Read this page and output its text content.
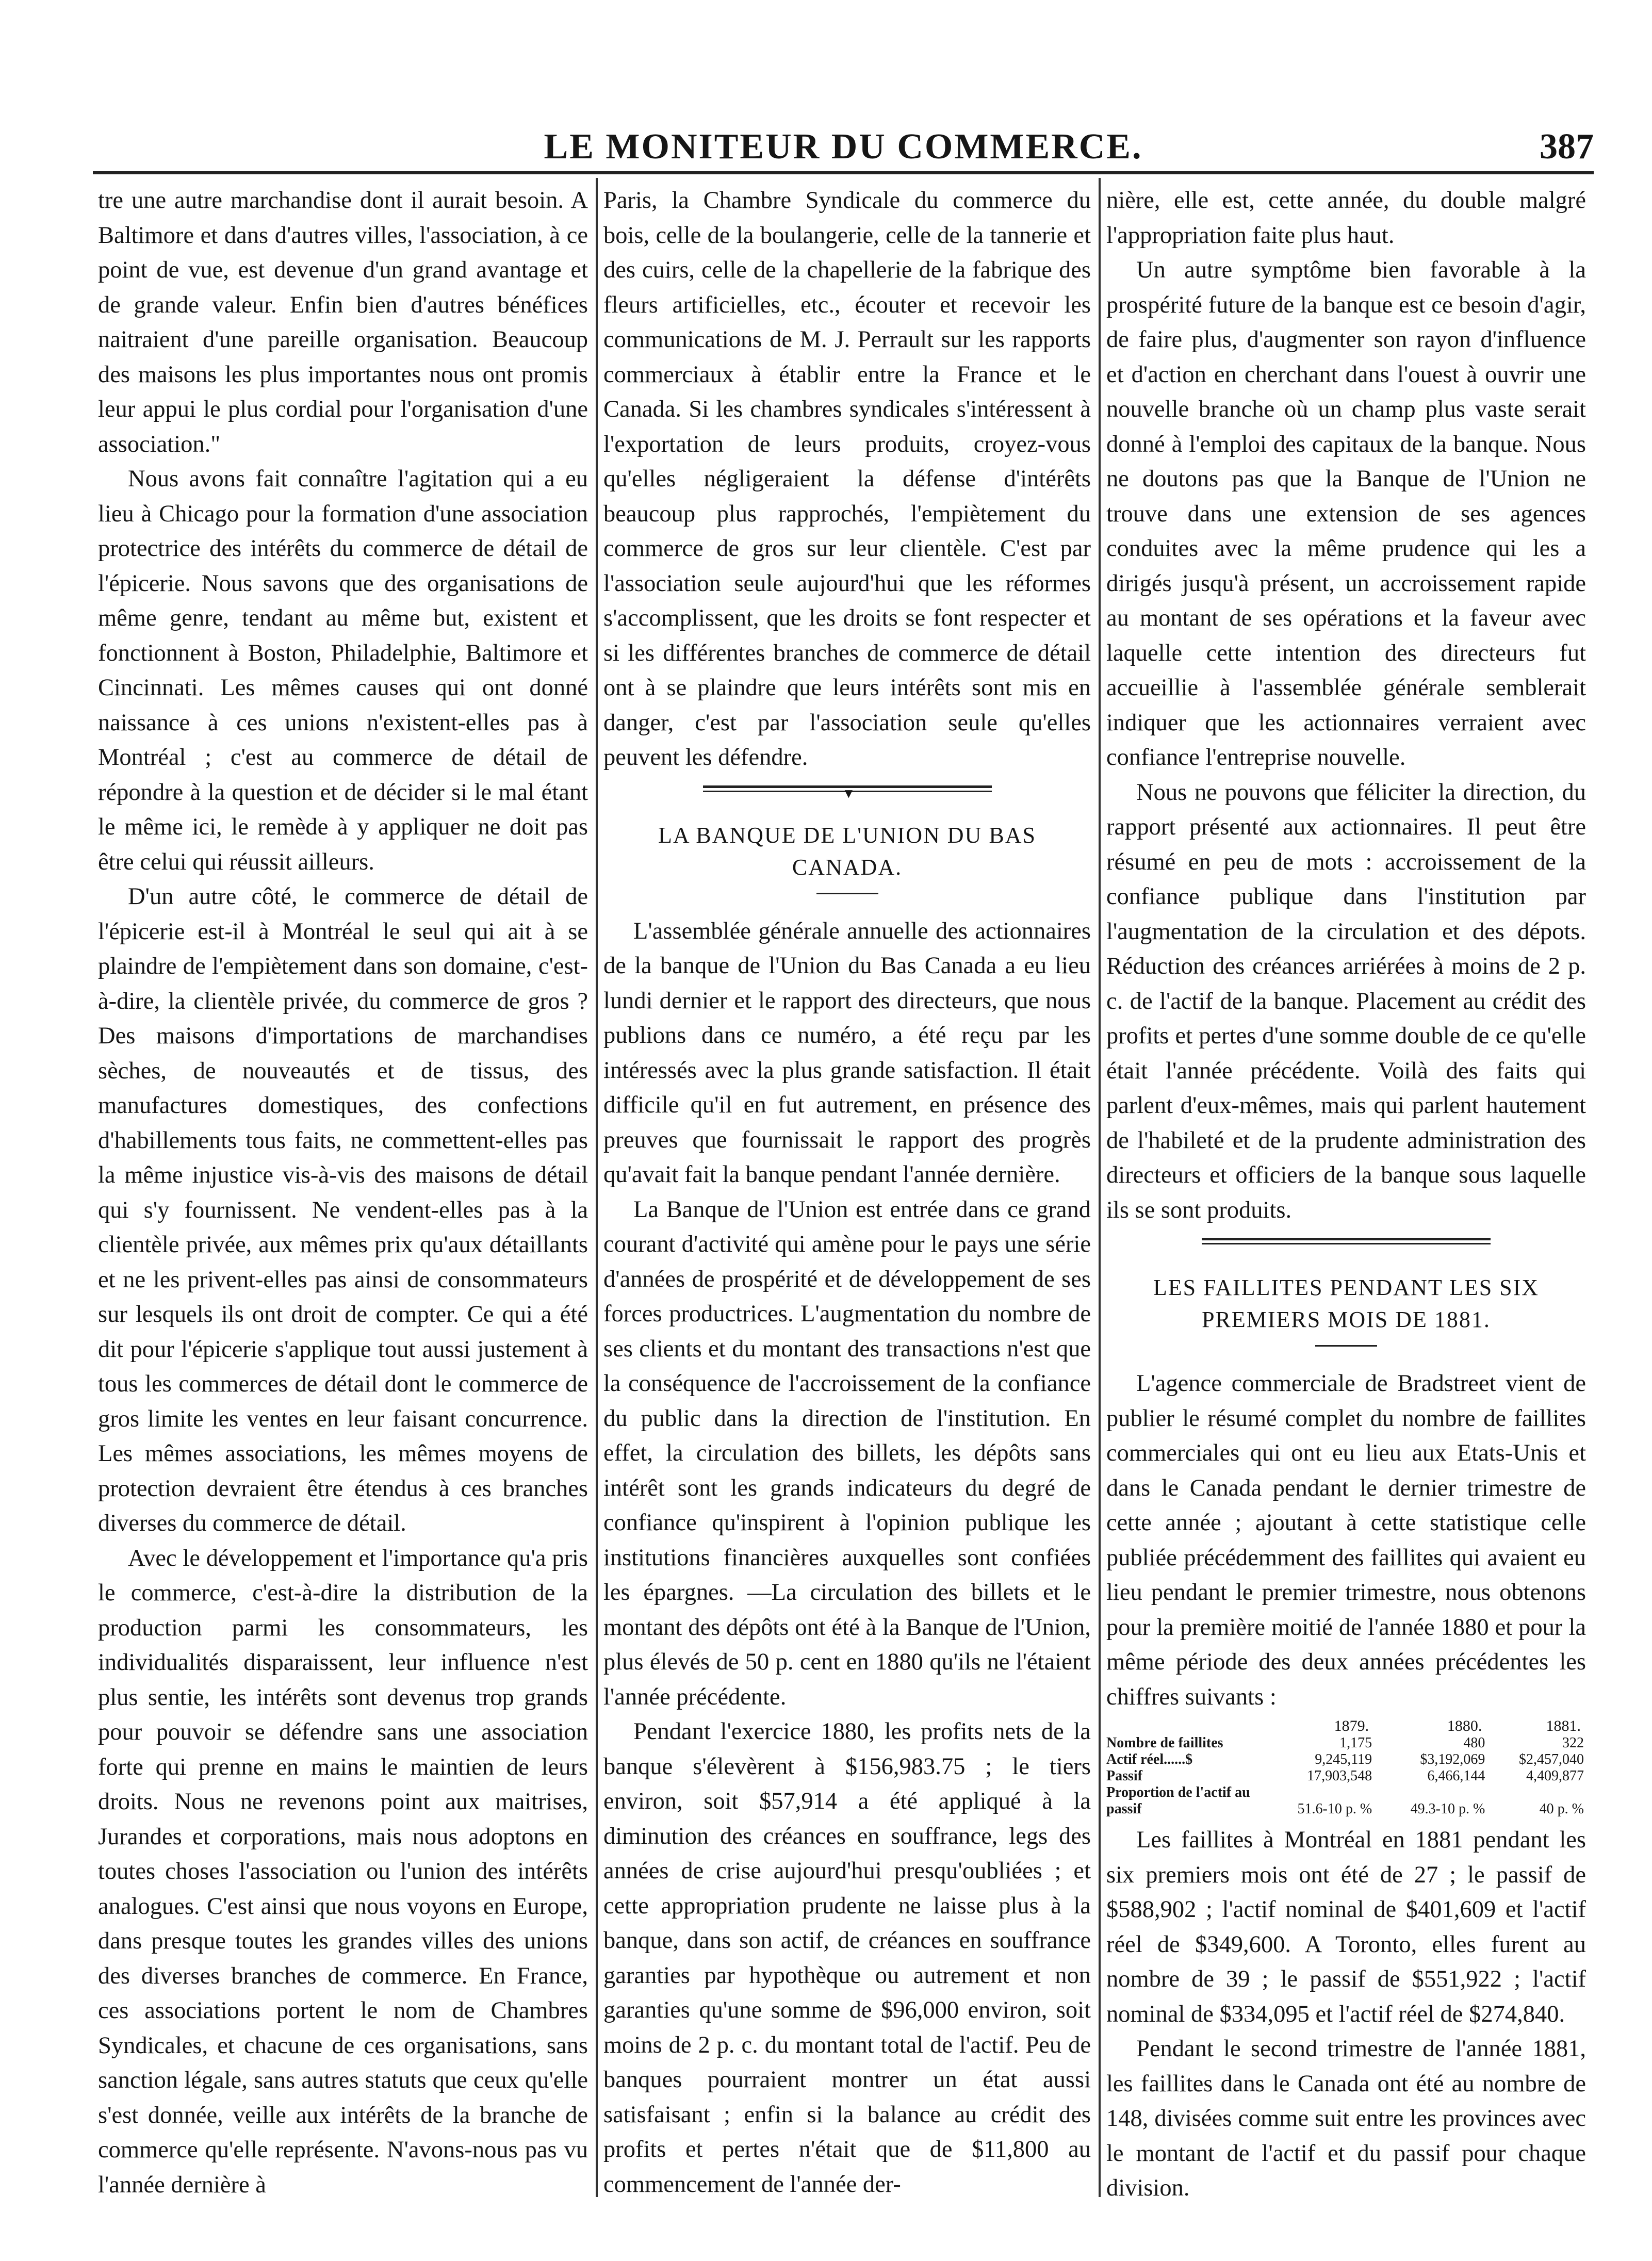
LE MONITEUR DU COMMERCE.	387

tre une autre marchandise dont il aurait besoin. A Baltimore et dans d'autres villes, l'association, à ce point de vue, est devenue d'un grand avantage et de grande valeur. Enfin bien d'autres bénéfices naitraient d'une pareille organisation. Beaucoup des maisons les plus importantes nous ont promis leur appui le plus cordial pour l'organisation d'une association."

Nous avons fait connaître l'agitation qui a eu lieu à Chicago pour la formation d'une association protectrice des intérêts du commerce de détail de l'épicerie. Nous savons que des organisations de même genre, tendant au même but, existent et fonctionnent à Boston, Philadelphie, Baltimore et Cincinnati. Les mêmes causes qui ont donné naissance à ces unions n'existent-elles pas à Montréal ; c'est au commerce de détail de répondre à la question et de décider si le mal étant le même ici, le remède à y appliquer ne doit pas être celui qui réussit ailleurs.

D'un autre côté, le commerce de détail de l'épicerie est-il à Montréal le seul qui ait à se plaindre de l'empiètement dans son domaine, c'est-à-dire, la clientèle privée, du commerce de gros ? Des maisons d'importations de marchandises sèches, de nouveautés et de tissus, des manufactures domestiques, des confections d'habillements tous faits, ne commettent-elles pas la même injustice vis-à-vis des maisons de détail qui s'y fournissent. Ne vendent-elles pas à la clientèle privée, aux mêmes prix qu'aux détaillants et ne les privent-elles pas ainsi de consommateurs sur lesquels ils ont droit de compter. Ce qui a été dit pour l'épicerie s'applique tout aussi justement à tous les commerces de détail dont le commerce de gros limite les ventes en leur faisant concurrence. Les mêmes associations, les mêmes moyens de protection devraient être étendus à ces branches diverses du commerce de détail.

Avec le développement et l'importance qu'a pris le commerce, c'est-à-dire la distribution de la production parmi les consommateurs, les individualités disparaissent, leur influence n'est plus sentie, les intérêts sont devenus trop grands pour pouvoir se défendre sans une association forte qui prenne en mains le maintien de leurs droits. Nous ne revenons point aux maitrises, Jurandes et corporations, mais nous adoptons en toutes choses l'association ou l'union des intérêts analogues. C'est ainsi que nous voyons en Europe, dans presque toutes les grandes villes des unions des diverses branches de commerce. En France, ces associations portent le nom de Chambres Syndicales, et chacune de ces organisations, sans sanction légale, sans autres statuts que ceux qu'elle s'est donnée, veille aux intérêts de la branche de commerce qu'elle représente. N'avons-nous pas vu l'année dernière à

Paris, la Chambre Syndicale du commerce du bois, celle de la boulangerie, celle de la tannerie et des cuirs, celle de la chapellerie de la fabrique des fleurs artificielles, etc., écouter et recevoir les communications de M. J. Perrault sur les rapports commerciaux à établir entre la France et le Canada. Si les chambres syndicales s'intéressent à l'exportation de leurs produits, croyez-vous qu'elles négligeraient la défense d'intérêts beaucoup plus rapprochés, l'empiètement du commerce de gros sur leur clientèle. C'est par l'association seule aujourd'hui que les réformes s'accomplissent, que les droits se font respecter et si les différentes branches de commerce de détail ont à se plaindre que leurs intérêts sont mis en danger, c'est par l'association seule qu'elles peuvent les défendre.

▼
LA BANQUE DE L'UNION DU BAS CANADA.

L'assemblée générale annuelle des actionnaires de la banque de l'Union du Bas Canada a eu lieu lundi dernier et le rapport des directeurs, que nous publions dans ce numéro, a été reçu par les intéressés avec la plus grande satisfaction. Il était difficile qu'il en fut autrement, en présence des preuves que fournissait le rapport des progrès qu'avait fait la banque pendant l'année dernière.

La Banque de l'Union est entrée dans ce grand courant d'activité qui amène pour le pays une série d'années de prospérité et de développement de ses forces productrices. L'augmentation du nombre de ses clients et du montant des transactions n'est que la conséquence de l'accroissement de la confiance du public dans la direction de l'institution. En effet, la circulation des billets, les dépôts sans intérêt sont les grands indicateurs du degré de confiance qu'inspirent à l'opinion publique les institutions financières auxquelles sont confiées les épargnes. —La circulation des billets et le montant des dépôts ont été à la Banque de l'Union, plus élevés de 50 p. cent en 1880 qu'ils ne l'étaient l'année précédente.

Pendant l'exercice 1880, les profits nets de la banque s'élevèrent à $156,983.75 ; le tiers environ, soit $57,914 a été appliqué à la diminution des créances en souffrance, legs des années de crise aujourd'hui presqu'oubliées ; et cette appropriation prudente ne laisse plus à la banque, dans son actif, de créances en souffrance garanties par hypothèque ou autrement et non garanties qu'une somme de $96,000 environ, soit moins de 2 p. c. du montant total de l'actif. Peu de banques pourraient montrer un état aussi satisfaisant ; enfin si la balance au crédit des profits et pertes n'était que de $11,800 au commencement de l'année der-

nière, elle est, cette année, du double malgré l'appropriation faite plus haut.

Un autre symptôme bien favorable à la prospérité future de la banque est ce besoin d'agir, de faire plus, d'augmenter son rayon d'influence et d'action en cherchant dans l'ouest à ouvrir une nouvelle branche où un champ plus vaste serait donné à l'emploi des capitaux de la banque. Nous ne doutons pas que la Banque de l'Union ne trouve dans une extension de ses agences conduites avec la même prudence qui les a dirigés jusqu'à présent, un accroissement rapide au montant de ses opérations et la faveur avec laquelle cette intention des directeurs fut accueillie à l'assemblée générale semblerait indiquer que les actionnaires verraient avec confiance l'entreprise nouvelle.

Nous ne pouvons que féliciter la direction, du rapport présenté aux actionnaires. Il peut être résumé en peu de mots : accroissement de la confiance publique dans l'institution par l'augmentation de la circulation et des dépots. Réduction des créances arriérées à moins de 2 p. c. de l'actif de la banque. Placement au crédit des profits et pertes d'une somme double de ce qu'elle était l'année précédente. Voilà des faits qui parlent d'eux-mêmes, mais qui parlent hautement de l'habileté et de la prudente administration des directeurs et officiers de la banque sous laquelle ils se sont produits.

LES FAILLITES PENDANT LES SIX PREMIERS MOIS DE 1881.

L'agence commerciale de Bradstreet vient de publier le résumé complet du nombre de faillites commerciales qui ont eu lieu aux Etats-Unis et dans le Canada pendant le dernier trimestre de cette année ; ajoutant à cette statistique celle publiée précédemment des faillites qui avaient eu lieu pendant le premier trimestre, nous obtenons pour la première moitié de l'année 1880 et pour la même période des deux années précédentes les chiffres suivants :

	1879.	1880.	1881.
Nombre de faillites	1,175	480	322
Actif réel......$	9,245,119	$3,192,069	$2,457,040
Passif	17,903,548	6,466,144	4,409,877
Proportion de l'actif au passif	51.6-10 p. %	49.3-10 p. %	40 p. %

Les faillites à Montréal en 1881 pendant les six premiers mois ont été de 27 ; le passif de $588,902 ; l'actif nominal de $401,609 et l'actif réel de $349,600. A Toronto, elles furent au nombre de 39 ; le passif de $551,922 ; l'actif nominal de $334,095 et l'actif réel de $274,840.

Pendant le second trimestre de l'année 1881, les faillites dans le Canada ont été au nombre de 148, divisées comme suit entre les provinces avec le montant de l'actif et du passif pour chaque division.
